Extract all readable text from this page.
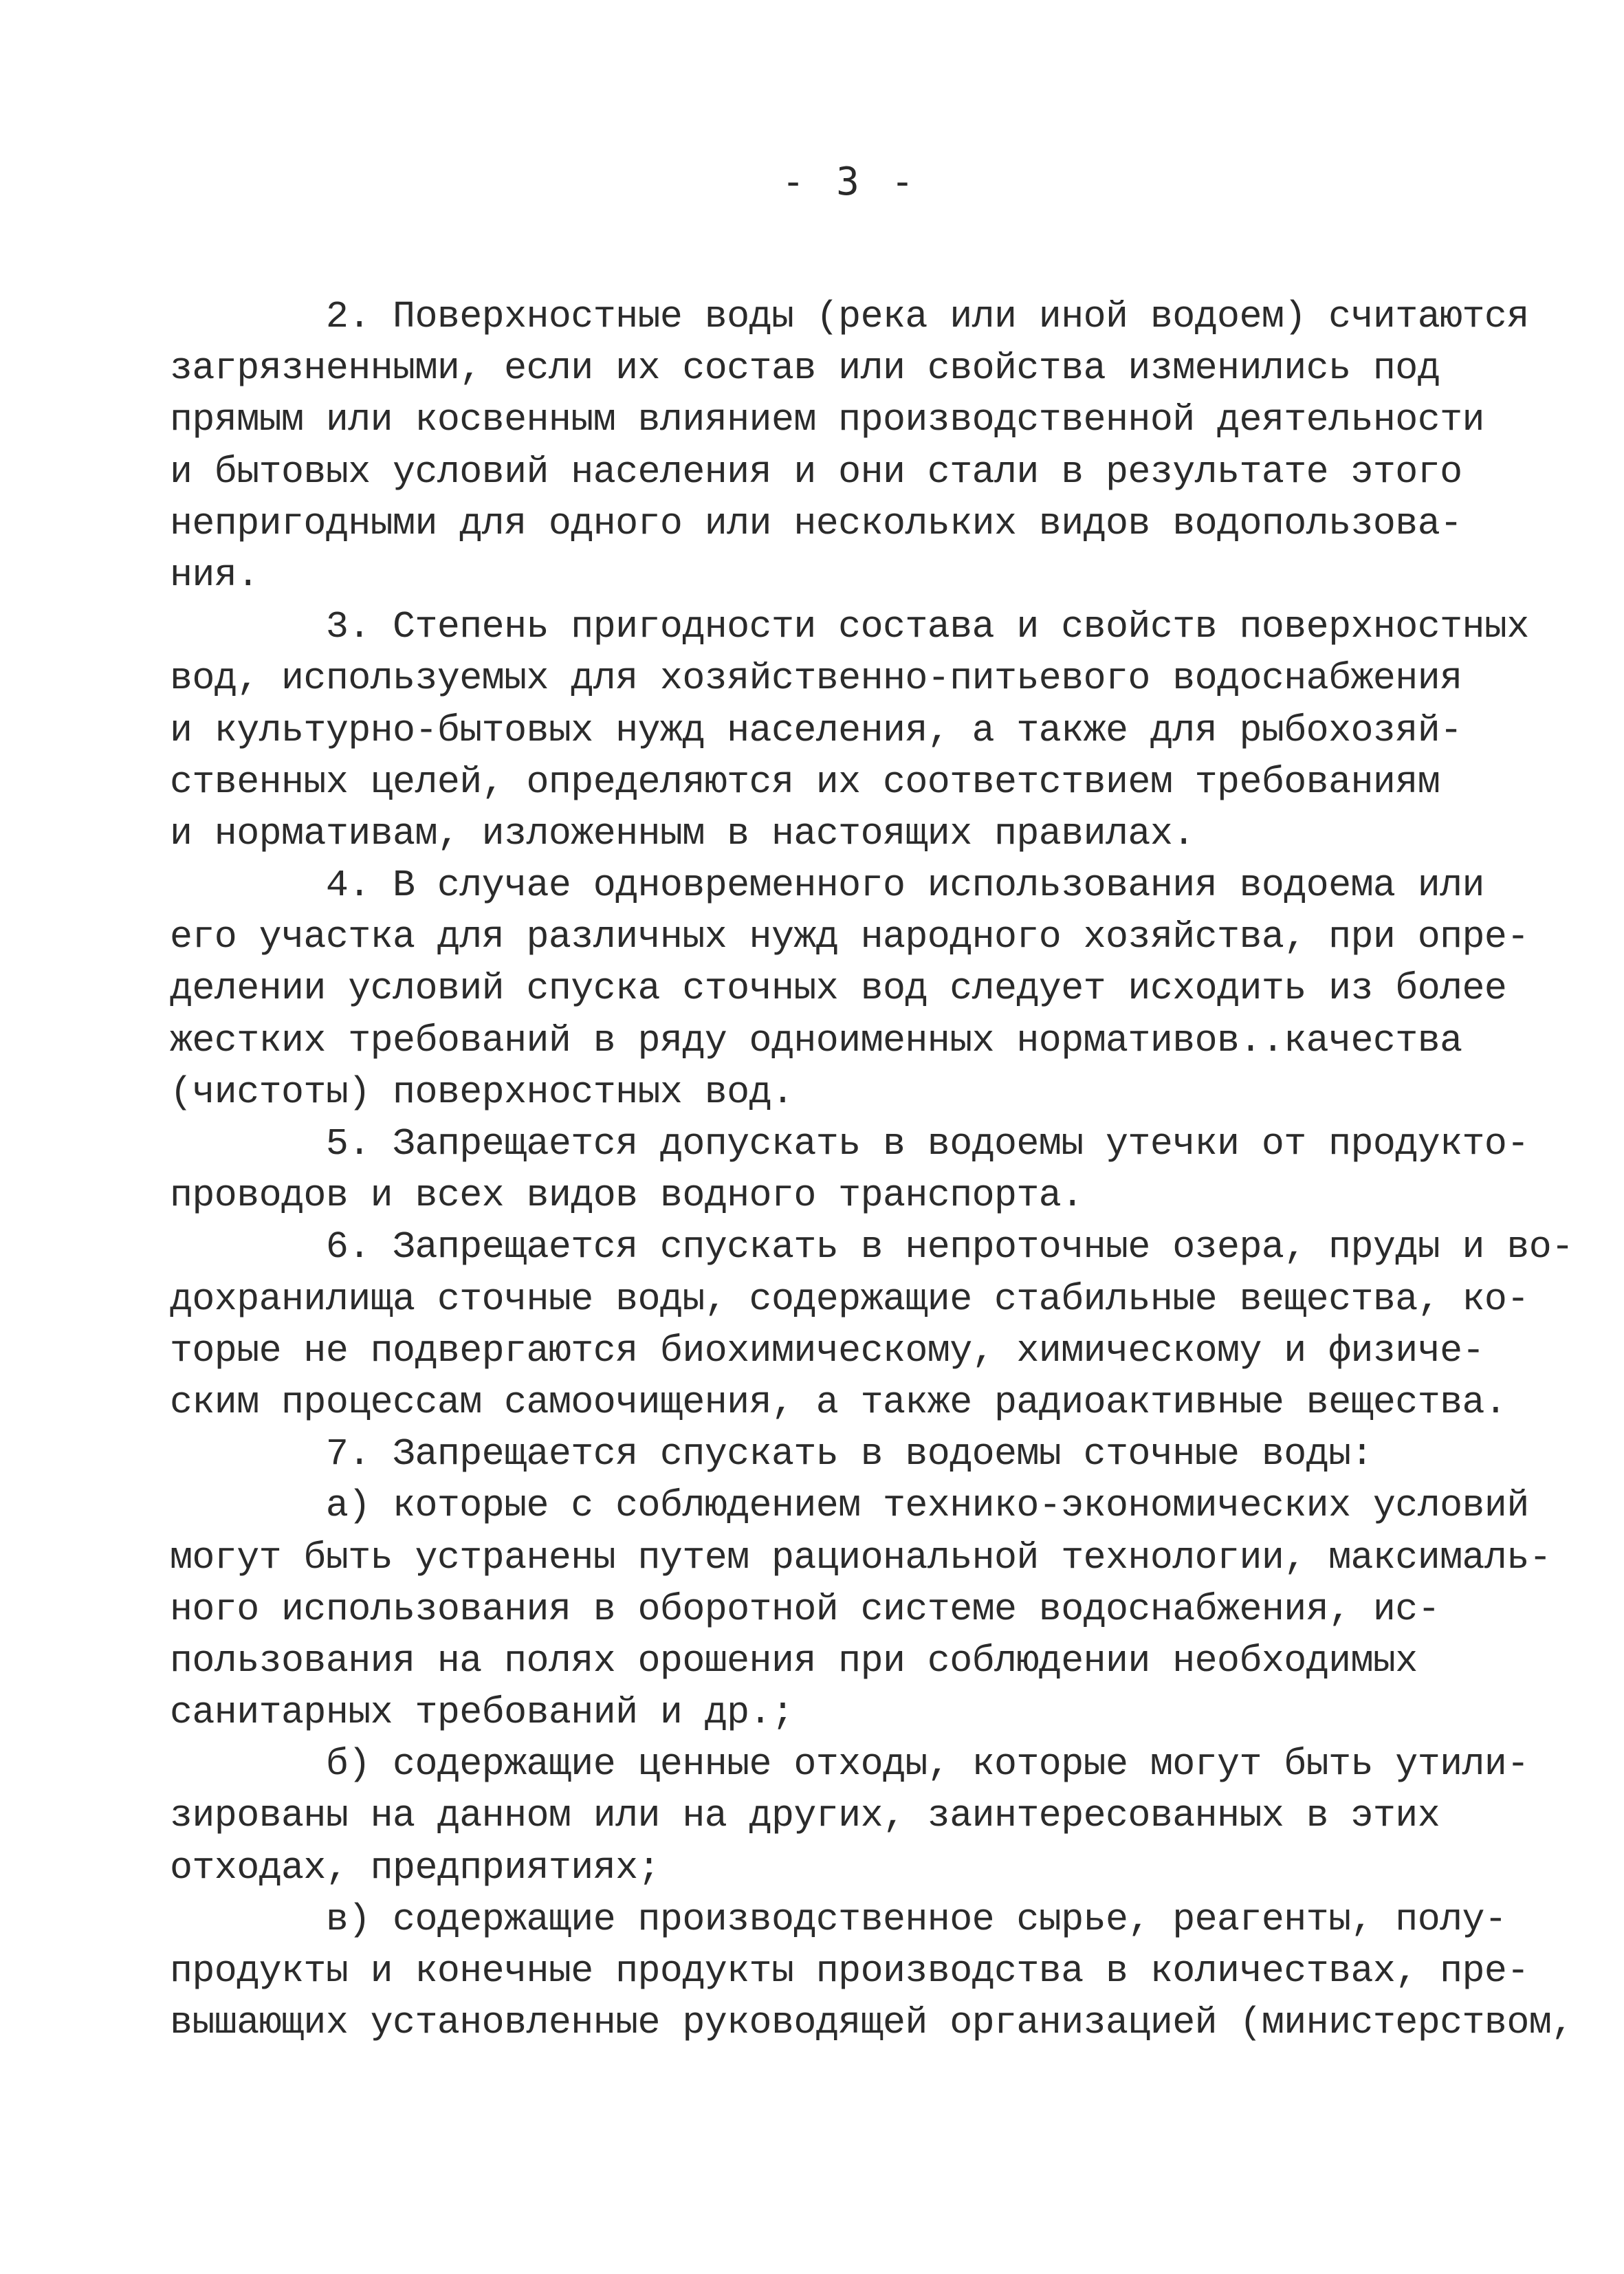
- 3 -
2. Поверхностные воды (река или иной водоем) считаются
загрязненными, если их состав или свойства изменились под
прямым или косвенным влиянием производственной деятельности
и бытовых условий населения и они стали в результате этого
непригодными для одного или нескольких видов водопользова-
ния.
3. Степень пригодности состава и свойств поверхностных
вод, используемых для хозяйственно-питьевого водоснабжения
и культурно-бытовых нужд населения, а также для рыбохозяй-
ственных целей, определяются их соответствием требованиям
и нормативам, изложенным в настоящих правилах.
4. В случае одновременного использования водоема или
его участка для различных нужд народного хозяйства, при опре-
делении условий спуска сточных вод следует исходить из более
жестких требований в ряду одноименных нормативов..качества
(чистоты) поверхностных вод.
5. Запрещается допускать в водоемы утечки от продукто-
проводов и всех видов водного транспорта.
6. Запрещается спускать в непроточные озера, пруды и во-
дохранилища сточные воды, содержащие стабильные вещества, ко-
торые не подвергаются биохимическому, химическому и физиче-
ским процессам самоочищения, а также радиоактивные вещества.
7. Запрещается спускать в водоемы сточные воды:
а) которые с соблюдением технико-экономических условий
могут быть устранены путем рациональной технологии, максималь-
ного использования в оборотной системе водоснабжения, ис-
пользования на полях орошения при соблюдении необходимых
санитарных требований и др.;
б) содержащие ценные отходы, которые могут быть утили-
зированы на данном или на других, заинтересованных в этих
отходах, предприятиях;
в) содержащие производственное сырье, реагенты, полу-
продукты и конечные продукты производства в количествах, пре-
вышающих установленные руководящей организацией (министерством,
